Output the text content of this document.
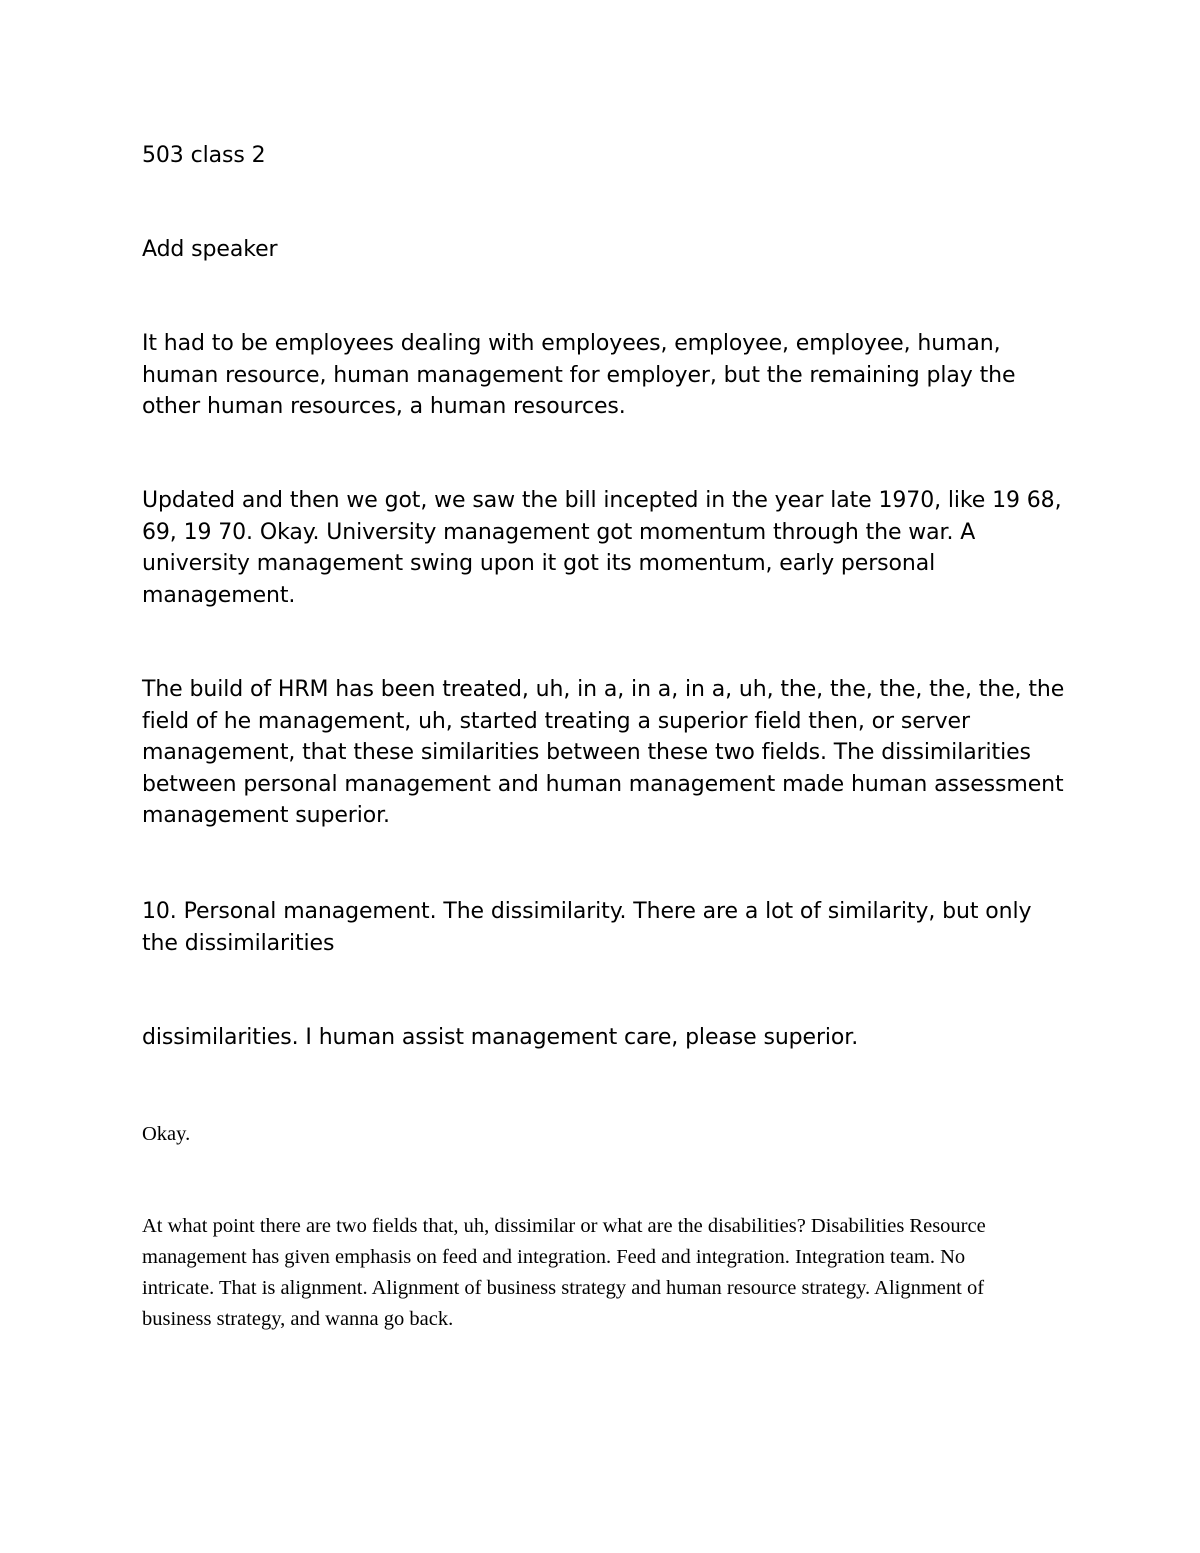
503 class 2

Add speaker

It had to be employees dealing with employees, employee, employee, human, human resource, human management for employer, but the remaining play the other human resources, a human resources.

Updated and then we got, we saw the bill incepted in the year late 1970, like 19 68, 69, 19 70. Okay. University management got momentum through the war. A university management swing upon it got its momentum, early personal management.

The build of HRM has been treated, uh, in a, in a, in a, uh, the, the, the, the, the, the field of he management, uh, started treating a superior field then, or server management, that these similarities between these two fields. The dissimilarities between personal management and human management made human assessment management superior.

10. Personal management. The dissimilarity. There are a lot of similarity, but only the dissimilarities

dissimilarities. I human assist management care, please superior.

Okay.

At what point there are two fields that, uh, dissimilar or what are the disabilities? Disabilities Resource management has given emphasis on feed and integration. Feed and integration. Integration team. No intricate. That is alignment. Alignment of business strategy and human resource strategy. Alignment of business strategy, and wanna go back.
